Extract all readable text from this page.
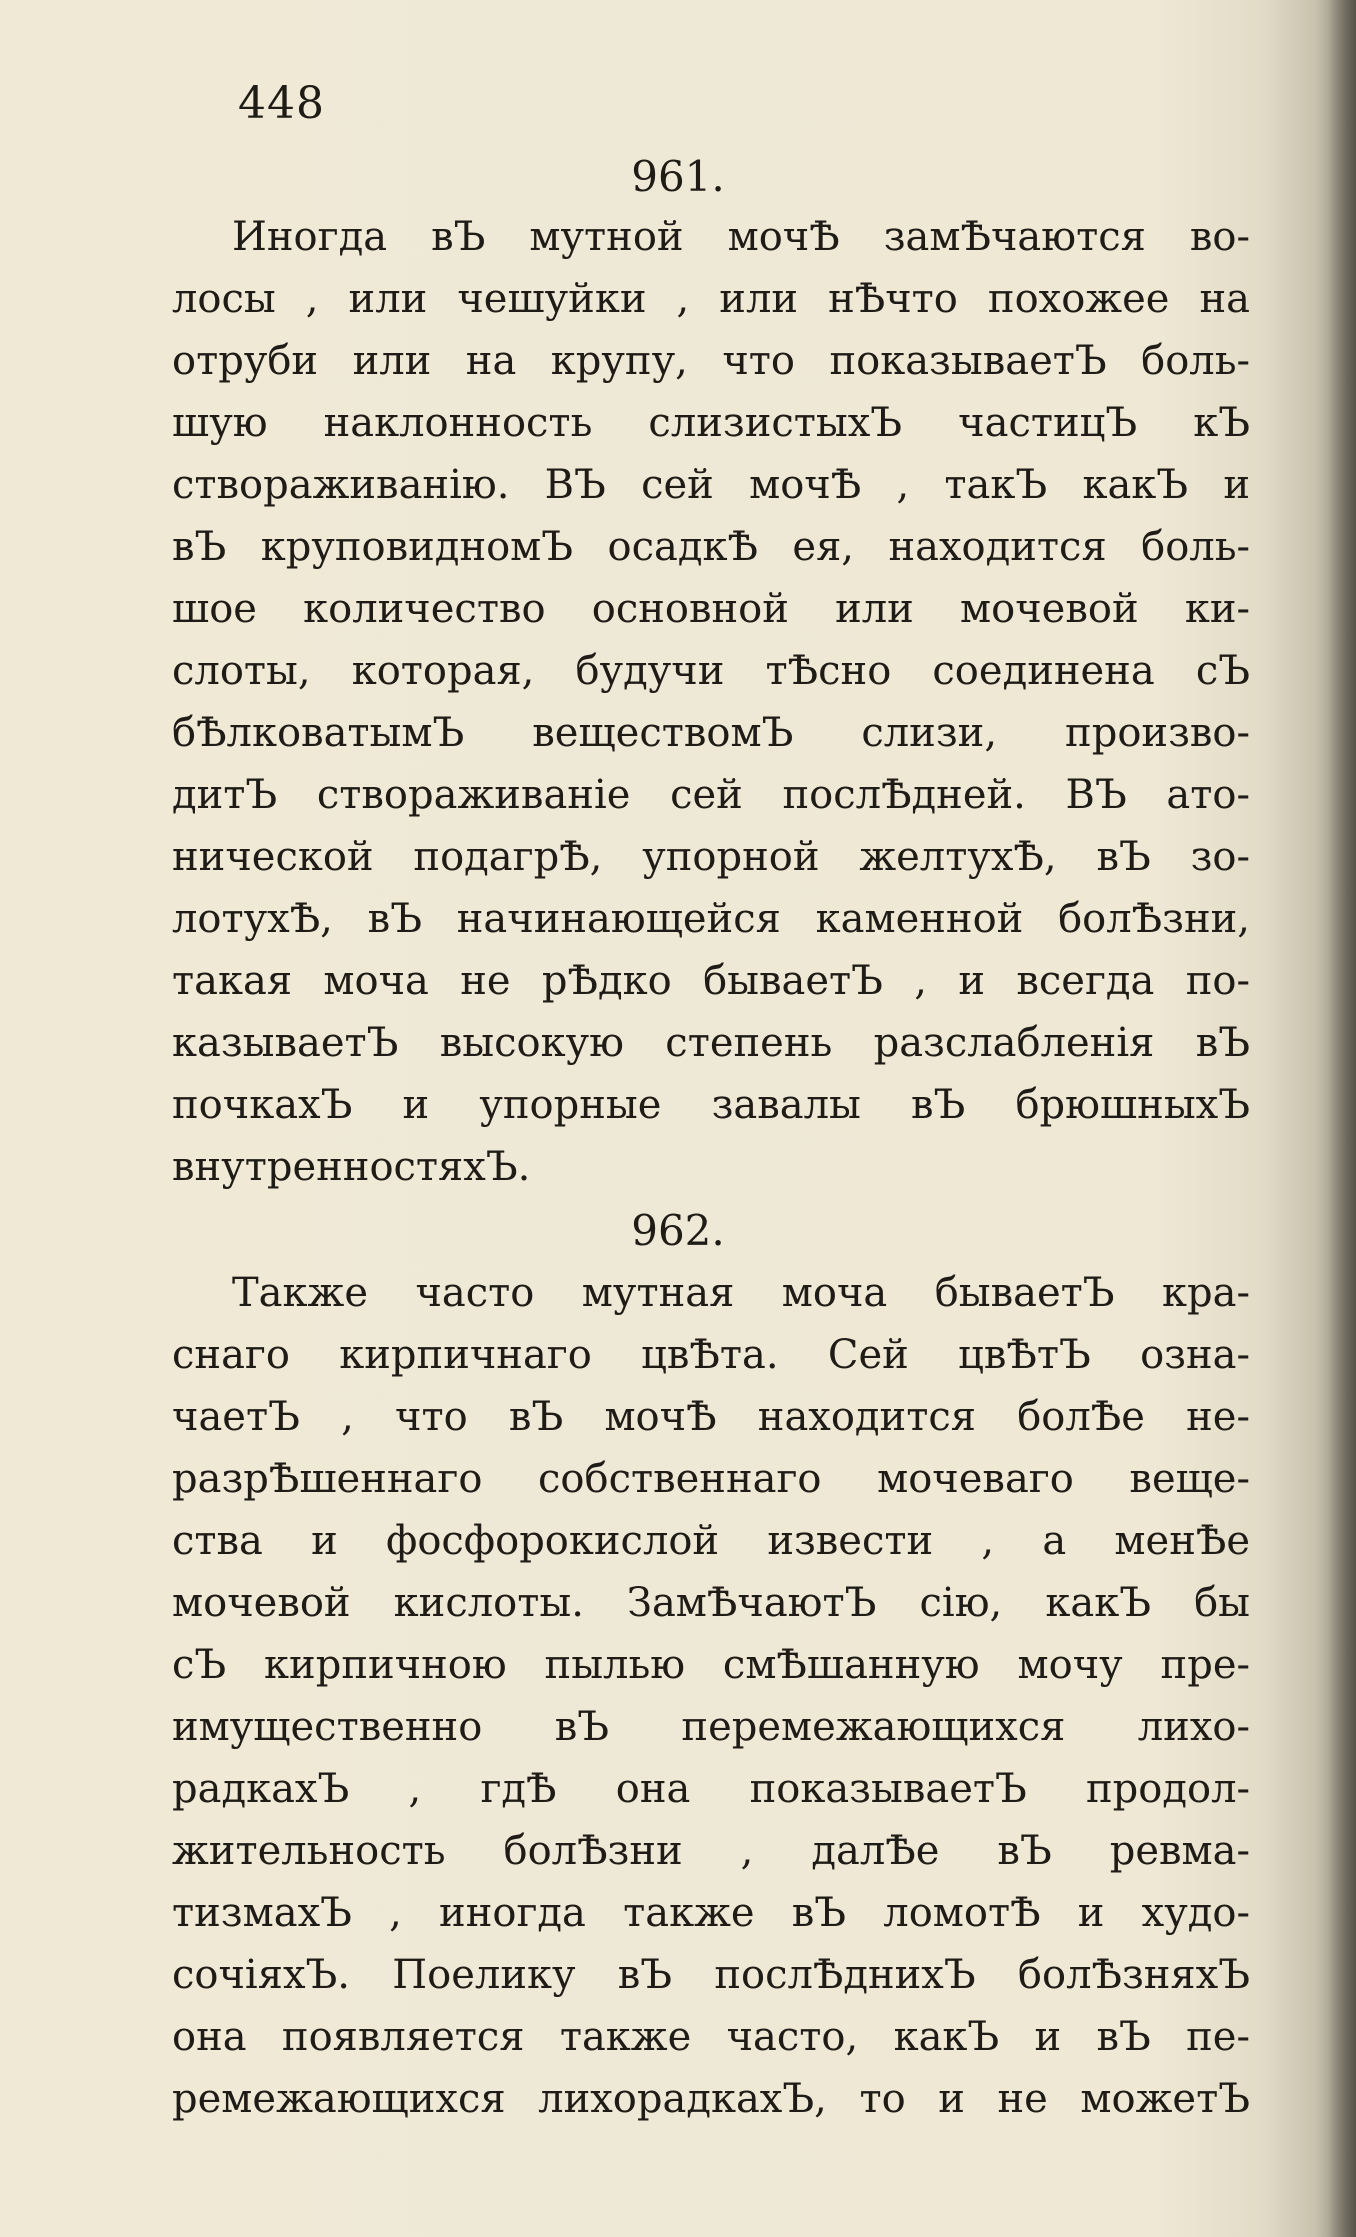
448
961.
Иногда вЪ мутной мочѢ замѢчаются во-
лосы , или чешуйки , или нѢчто похожее на
отруби или на крупу, что показываетЪ боль-
шую наклонность слизистыхЪ частицЪ кЪ
створаживанію. ВЪ сей мочѢ , такЪ какЪ и
вЪ круповидномЪ осадкѢ ея, находится боль-
шое количество основной или мочевой ки-
слоты, которая, будучи тѢсно соединена сЪ
бѢлковатымЪ веществомЪ слизи, произво-
дитЪ створаживаніе сей послѢдней. ВЪ ато-
нической подагрѢ, упорной желтухѢ, вЪ зо-
лотухѢ, вЪ начинающейся каменной болѢзни,
такая моча не рѢдко бываетЪ , и всегда по-
казываетЪ высокую степень разслабленія вЪ
почкахЪ и упорные завалы вЪ брюшныхЪ
внутренностяхЪ.
962.
Также часто мутная моча бываетЪ кра-
снаго кирпичнаго цвѢта. Сей цвѢтЪ озна-
чаетЪ , что вЪ мочѢ находится болѢе не-
разрѢшеннаго собственнаго мочеваго веще-
ства и фосфорокислой извести , а менѢе
мочевой кислоты. ЗамѢчаютЪ сію, какЪ бы
сЪ кирпичною пылью смѢшанную мочу пре-
имущественно вЪ перемежающихся лихо-
радкахЪ , гдѢ она показываетЪ продол-
жительность болѢзни , далѢе вЪ ревма-
тизмахЪ , иногда также вЪ ломотѢ и худо-
сочіяхЪ. Поелику вЪ послѢднихЪ болѢзняхЪ
она появляется также часто, какЪ и вЪ пе-
ремежающихся лихорадкахЪ, то и не можетЪ
